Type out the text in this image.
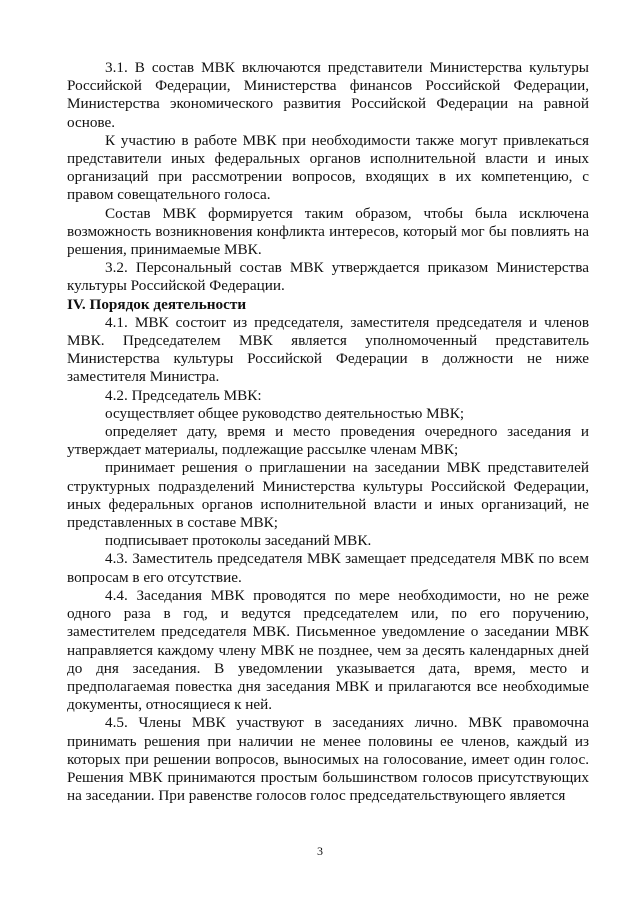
3.1. В состав МВК включаются представители Министерства культуры Российской Федерации, Министерства финансов Российской Федерации, Министерства экономического развития Российской Федерации на равной основе.

К участию в работе МВК при необходимости также могут привлекаться представители иных федеральных органов исполнительной власти и иных организаций при рассмотрении вопросов, входящих в их компетенцию, с правом совещательного голоса.

Состав МВК формируется таким образом, чтобы была исключена возможность возникновения конфликта интересов, который мог бы повлиять на решения, принимаемые МВК.

3.2. Персональный состав МВК утверждается приказом Министерства культуры Российской Федерации.

IV. Порядок деятельности

4.1. МВК состоит из председателя, заместителя председателя и членов МВК. Председателем МВК является уполномоченный представитель Министерства культуры Российской Федерации в должности не ниже заместителя Министра.

4.2. Председатель МВК:

осуществляет общее руководство деятельностью МВК;

определяет дату, время и место проведения очередного заседания и утверждает материалы, подлежащие рассылке членам МВК;

принимает решения о приглашении на заседании МВК представителей структурных подразделений Министерства культуры Российской Федерации, иных федеральных органов исполнительной власти и иных организаций, не представленных в составе МВК;

подписывает протоколы заседаний МВК.

4.3. Заместитель председателя МВК замещает председателя МВК по всем вопросам в его отсутствие.

4.4. Заседания МВК проводятся по мере необходимости, но не реже одного раза в год, и ведутся председателем или, по его поручению, заместителем председателя МВК. Письменное уведомление о заседании МВК направляется каждому члену МВК не позднее, чем за десять календарных дней до дня заседания. В уведомлении указывается дата, время, место и предполагаемая повестка дня заседания МВК и прилагаются все необходимые документы, относящиеся к ней.

4.5. Члены МВК участвуют в заседаниях лично. МВК правомочна принимать решения при наличии не менее половины ее членов, каждый из которых при решении вопросов, выносимых на голосование, имеет один голос. Решения МВК принимаются простым большинством голосов присутствующих на заседании. При равенстве голосов голос председательствующего является

3
